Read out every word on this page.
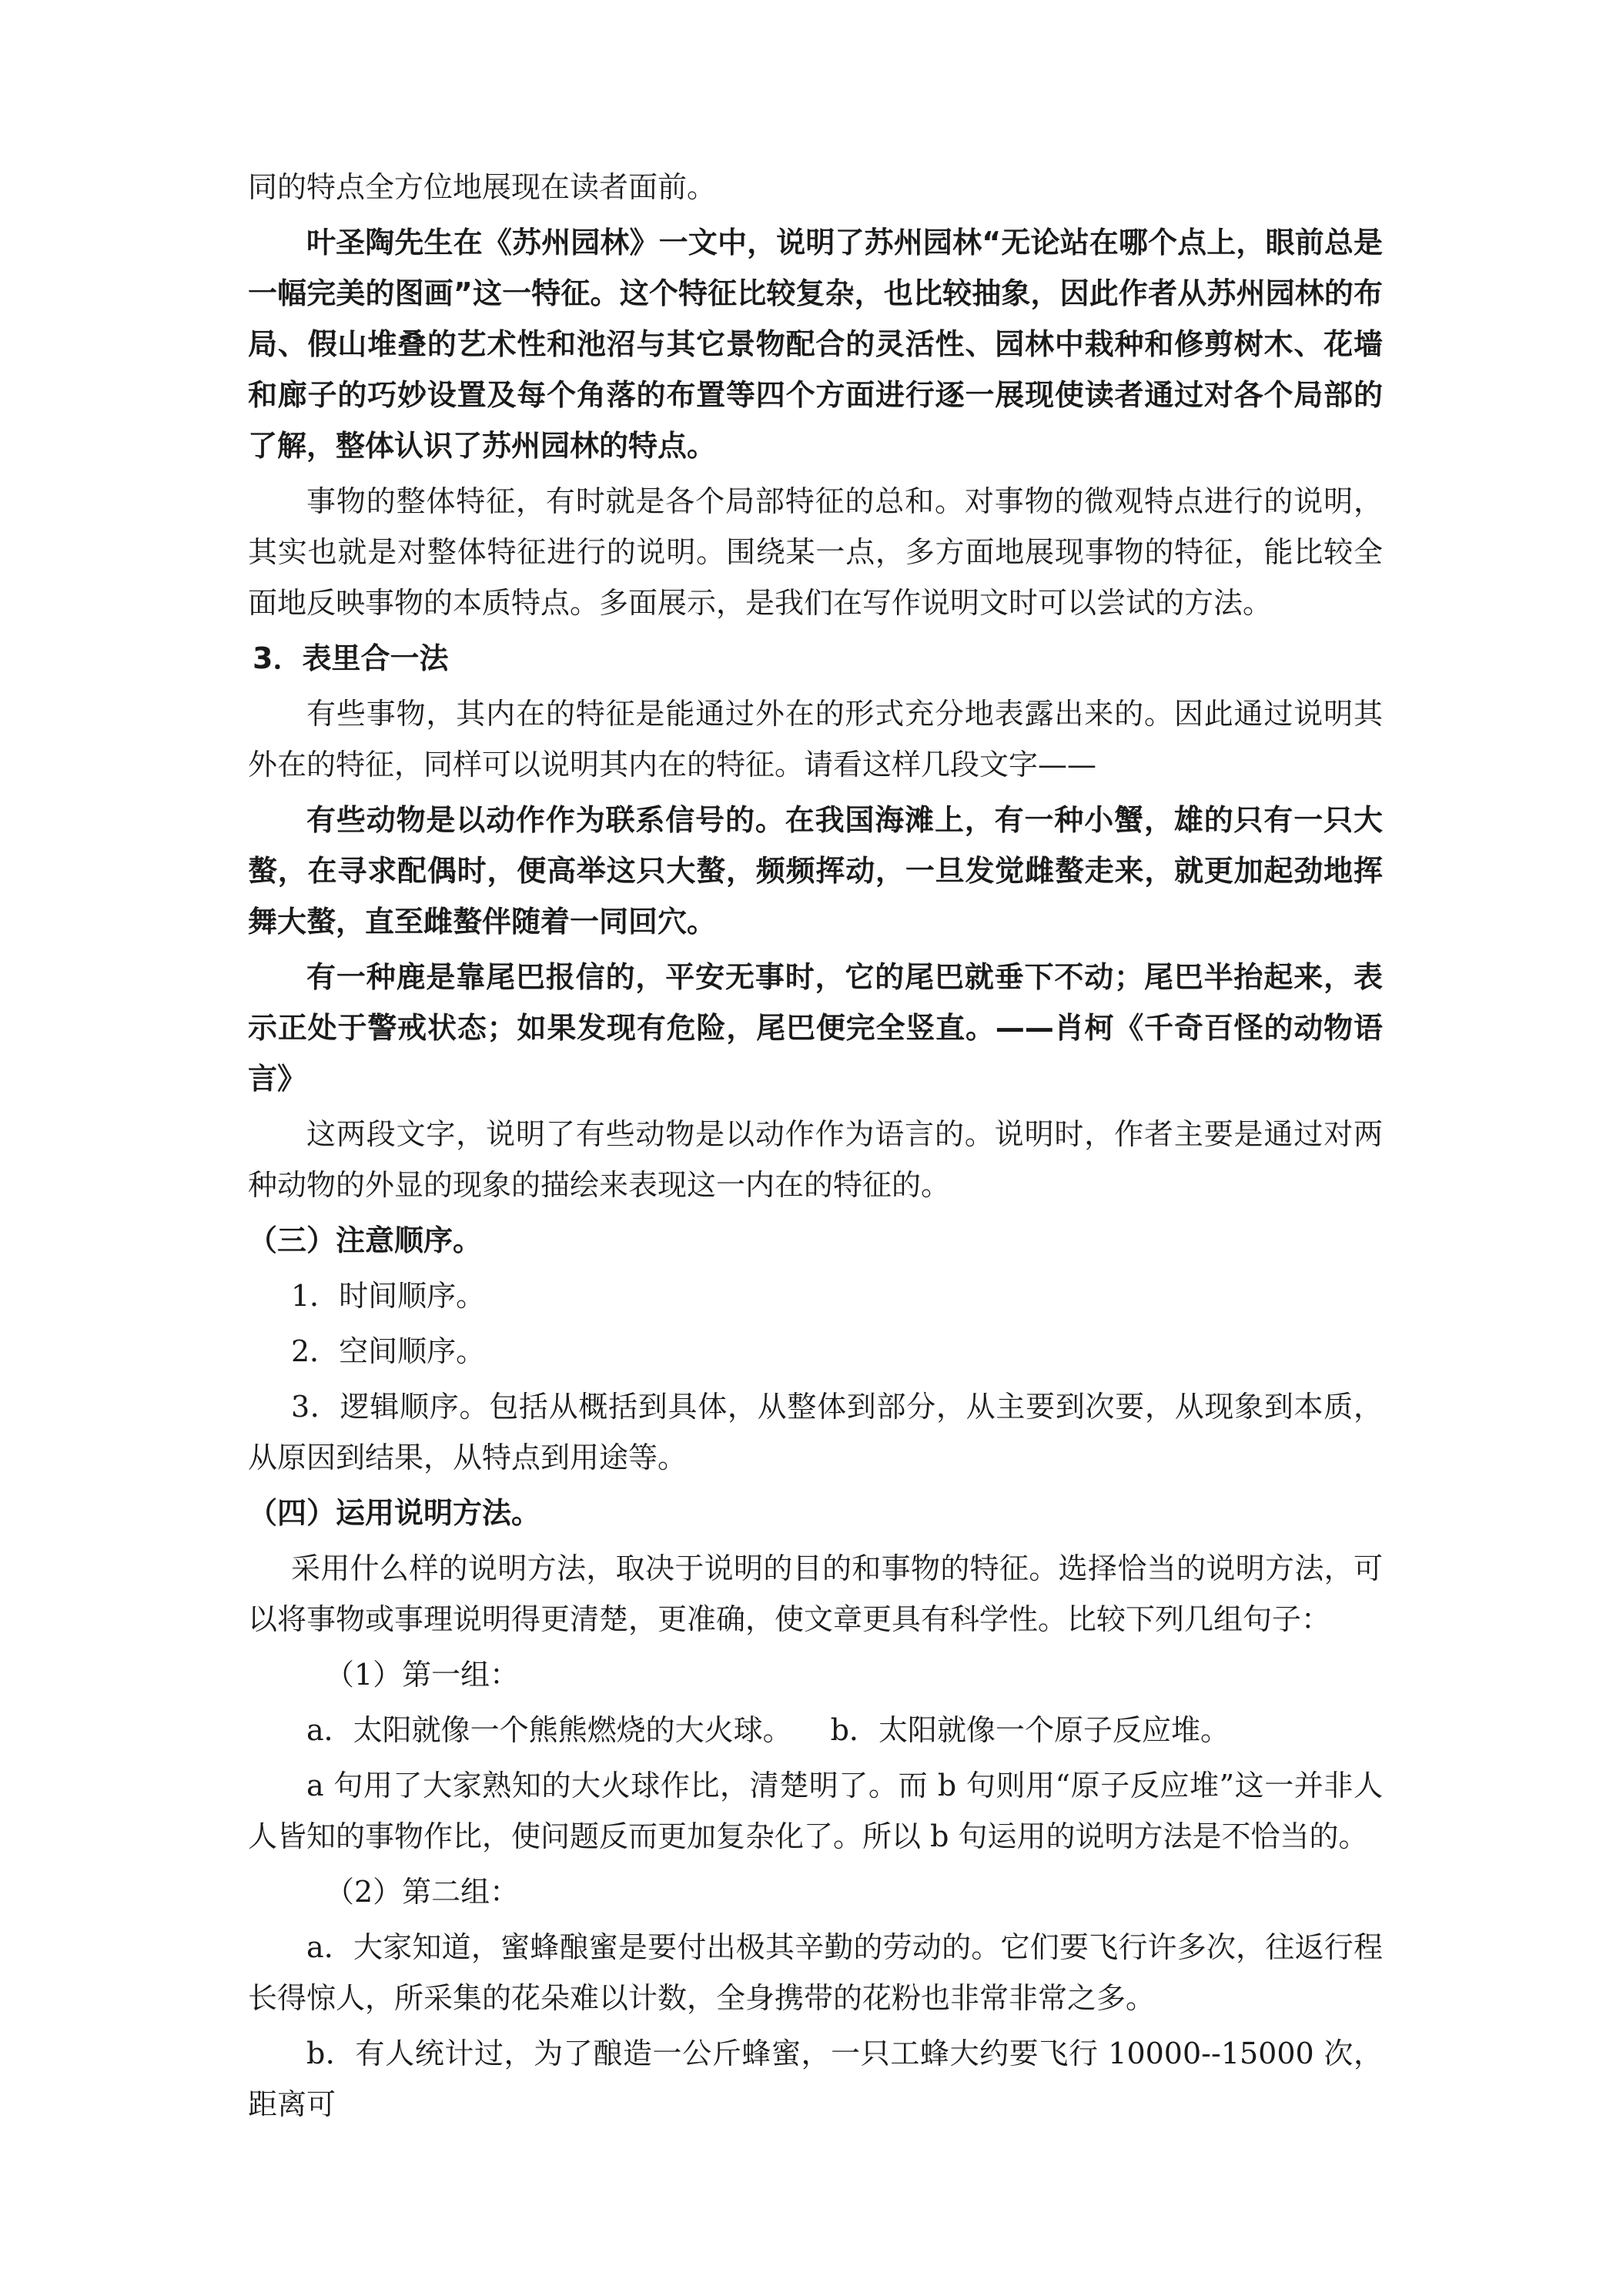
同的特点全方位地展现在读者面前。

叶圣陶先生在《苏州园林》一文中，说明了苏州园林“无论站在哪个点上，眼前总是一幅完美的图画”这一特征。这个特征比较复杂，也比较抽象，因此作者从苏州园林的布局、假山堆叠的艺术性和池沼与其它景物配合的灵活性、园林中栽种和修剪树木、花墙和廊子的巧妙设置及每个角落的布置等四个方面进行逐一展现使读者通过对各个局部的了解，整体认识了苏州园林的特点。

事物的整体特征，有时就是各个局部特征的总和。对事物的微观特点进行的说明，其实也就是对整体特征进行的说明。围绕某一点，多方面地展现事物的特征，能比较全面地反映事物的本质特点。多面展示，是我们在写作说明文时可以尝试的方法。

3．表里合一法

有些事物，其内在的特征是能通过外在的形式充分地表露出来的。因此通过说明其外在的特征，同样可以说明其内在的特征。请看这样几段文字——

有些动物是以动作作为联系信号的。在我国海滩上，有一种小蟹，雄的只有一只大螯，在寻求配偶时，便高举这只大螯，频频挥动，一旦发觉雌螯走来，就更加起劲地挥舞大螯，直至雌螯伴随着一同回穴。

有一种鹿是靠尾巴报信的，平安无事时，它的尾巴就垂下不动；尾巴半抬起来，表示正处于警戒状态；如果发现有危险，尾巴便完全竖直。——肖柯《千奇百怪的动物语言》

这两段文字，说明了有些动物是以动作作为语言的。说明时，作者主要是通过对两种动物的外显的现象的描绘来表现这一内在的特征的。

（三）注意顺序。

1．时间顺序。

2．空间顺序。

3．逻辑顺序。包括从概括到具体，从整体到部分，从主要到次要，从现象到本质，从原因到结果，从特点到用途等。

（四）运用说明方法。

采用什么样的说明方法，取决于说明的目的和事物的特征。选择恰当的说明方法，可以将事物或事理说明得更清楚，更准确，使文章更具有科学性。比较下列几组句子：

（1）第一组：

a．太阳就像一个熊熊燃烧的大火球。 b．太阳就像一个原子反应堆。

a 句用了大家熟知的大火球作比，清楚明了。而 b 句则用“原子反应堆”这一并非人人皆知的事物作比，使问题反而更加复杂化了。所以 b 句运用的说明方法是不恰当的。

（2）第二组：

a．大家知道，蜜蜂酿蜜是要付出极其辛勤的劳动的。它们要飞行许多次，往返行程长得惊人，所采集的花朵难以计数，全身携带的花粉也非常非常之多。

b．有人统计过，为了酿造一公斤蜂蜜，一只工蜂大约要飞行 10000--15000 次，距离可
